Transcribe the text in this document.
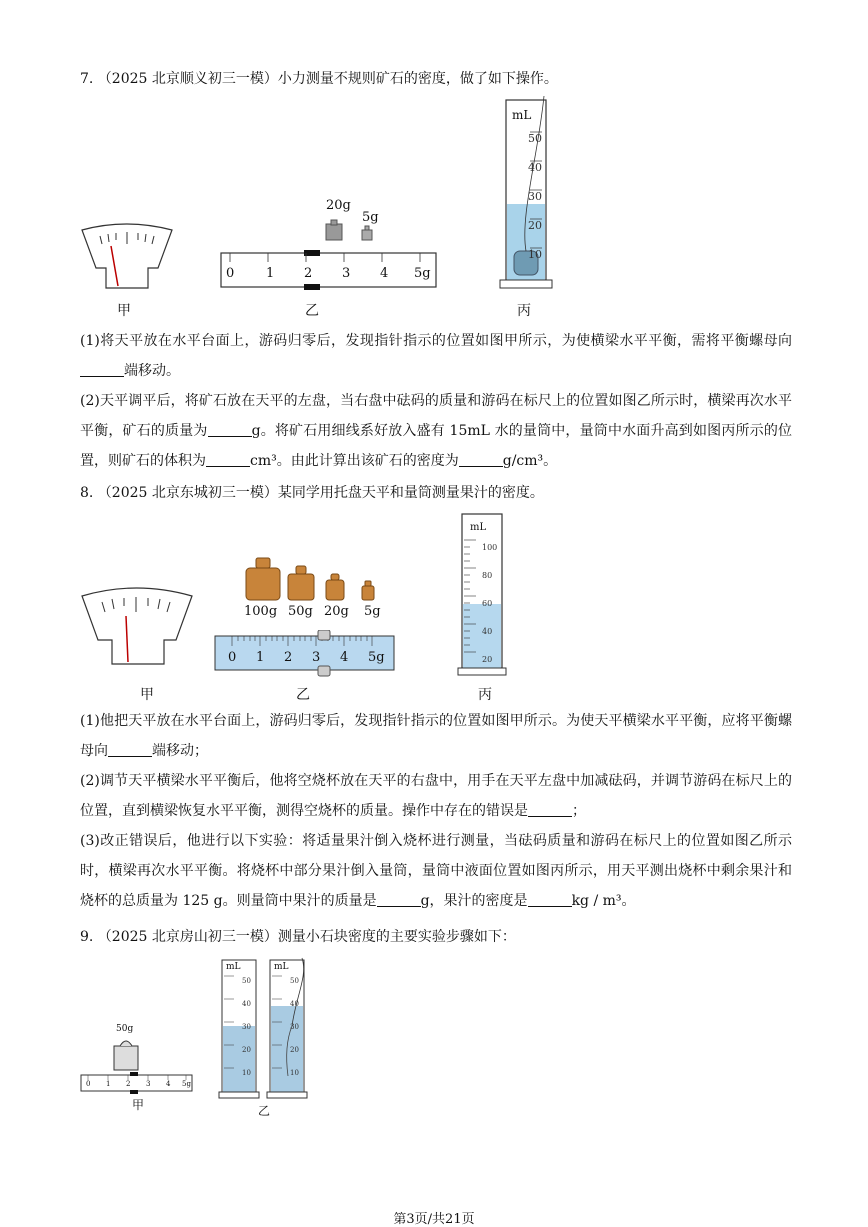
7. （2025 北京顺义初三一模）小力测量不规则矿石的密度，做了如下操作。
甲
20g
5g
0 1 2 3 4 5g
乙
mL
50
40
30
20
10
丙
(1)将天平放在水平台面上，游码归零后，发现指针指示的位置如图甲所示，为使横梁水平平衡，需将平衡螺母向端移动。
(2)天平调平后，将矿石放在天平的左盘，当右盘中砝码的质量和游码在标尺上的位置如图乙所示时，横梁再次水平平衡，矿石的质量为	g。将矿石用细线系好放入盛有 15mL 水的量筒中，量筒中水面升高到如图丙所示的位置，则矿石的体积为	cm³。由此计算出该矿石的密度为	g/cm³。
8. （2025 北京东城初三一模）某同学用托盘天平和量筒测量果汁的密度。
甲
100g 50g 20g 5g
0 1 2 3 4 5g
乙
mL
100
80
60
40
20
丙
(1)他把天平放在水平台面上，游码归零后，发现指针指示的位置如图甲所示。为使天平横梁水平平衡，应将平衡螺母向	端移动；
(2)调节天平横梁水平平衡后，他将空烧杯放在天平的右盘中，用手在天平左盘中加减砝码，并调节游码在标尺上的位置，直到横梁恢复水平平衡，测得空烧杯的质量。操作中存在的错误是	；
(3)改正错误后，他进行以下实验：将适量果汁倒入烧杯进行测量，当砝码质量和游码在标尺上的位置如图乙所示时，横梁再次水平平衡。将烧杯中部分果汁倒入量筒，量筒中液面位置如图丙所示，用天平测出烧杯中剩余果汁和烧杯的总质量为 125 g。则量筒中果汁的质量是	g，果汁的密度是	kg / m³。
9. （2025 北京房山初三一模）测量小石块密度的主要实验步骤如下：
50g
0 1 2 3 4 5g
甲
mL
50
40
30
20
10
mL
50
40
30
20
10
乙
第3页/共21页
